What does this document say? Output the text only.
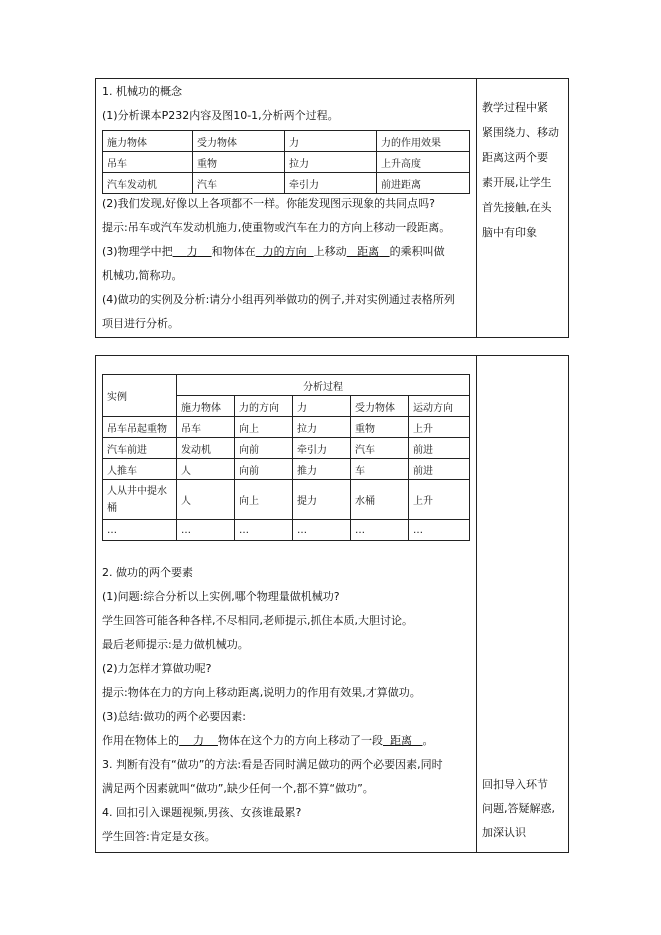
1. 机械功的概念
(1)分析课本P232内容及图10-1,分析两个过程。
施力物体	受力物体	力	力的作用效果
吊车	重物	拉力	上升高度
汽车发动机	汽车	牵引力	前进距离
(2)我们发现,好像以上各项都不一样。你能发现图示现象的共同点吗?
提示:吊车或汽车发动机施力,使重物或汽车在力的方向上移动一段距离。
(3)物理学中把 力 和物体在 力的方向 上移动 距离 的乘积叫做
机械功,简称功。
(4)做功的实例及分析:请分小组再列举做功的例子,并对实例通过表格所列
项目进行分析。
教学过程中紧
紧围绕力、移动
距离这两个要
素开展,让学生
首先接触,在头
脑中有印象
实例	分析过程				
	施力物体	力的方向	力	受力物体	运动方向
吊车吊起重物	吊车	向上	拉力	重物	上升
汽车前进	发动机	向前	牵引力	汽车	前进
人推车	人	向前	推力	车	前进
人从井中提水
桶	人	向上	提力	水桶	上升
…	…	…	…	…	…
2. 做功的两个要素
(1)问题:综合分析以上实例,哪个物理量做机械功?
学生回答可能各种各样,不尽相同,老师提示,抓住本质,大胆讨论。
最后老师提示:是力做机械功。
(2)力怎样才算做功呢?
提示:物体在力的方向上移动距离,说明力的作用有效果,才算做功。
(3)总结:做功的两个必要因素:
作用在物体上的 力 物体在这个力的方向上移动了一段 距离 。
3. 判断有没有“做功”的方法:看是否同时满足做功的两个必要因素,同时
满足两个因素就叫“做功”,缺少任何一个,都不算“做功”。
4. 回扣引入课题视频,男孩、女孩谁最累?
学生回答:肯定是女孩。
回扣导入环节
问题,答疑解惑,
加深认识
